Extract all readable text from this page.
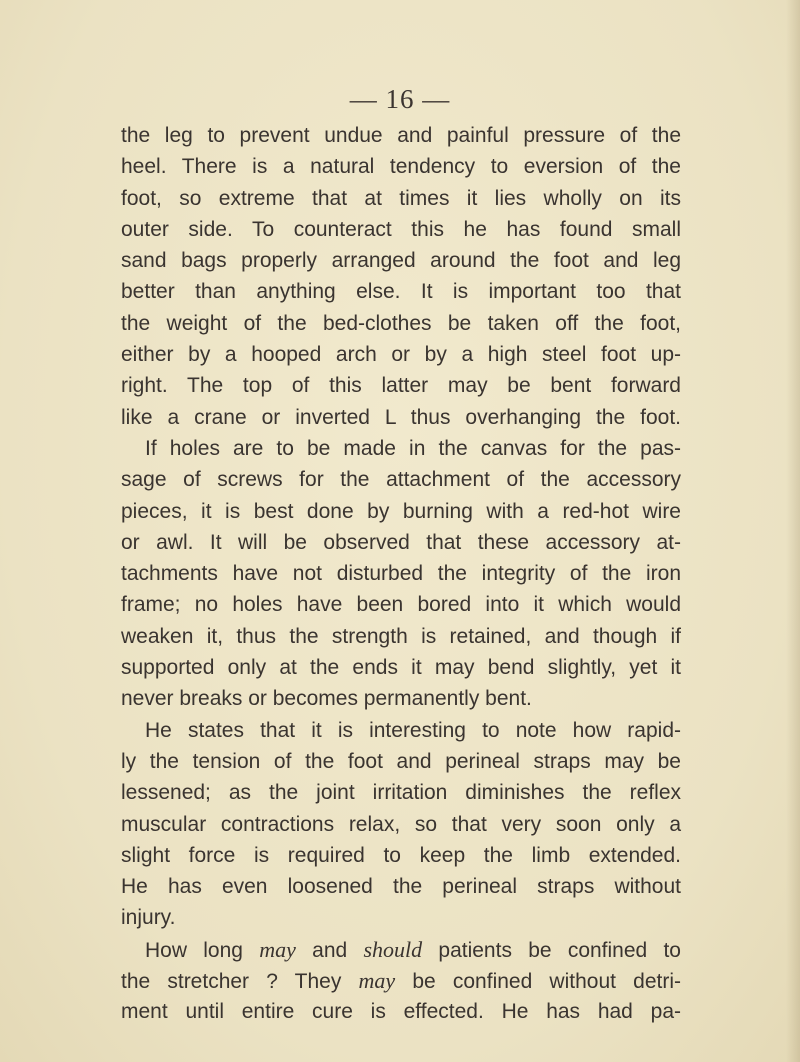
— 16 —
the leg to prevent undue and painful pressure of the
heel. There is a natural tendency to eversion of the
foot, so extreme that at times it lies wholly on its
outer side. To counteract this he has found small
sand bags properly arranged around the foot and leg
better than anything else. It is important too that
the weight of the bed-clothes be taken off the foot,
either by a hooped arch or by a high steel foot up-
right. The top of this latter may be bent forward
like a crane or inverted L thus overhanging the foot.
If holes are to be made in the canvas for the pas-
sage of screws for the attachment of the accessory
pieces, it is best done by burning with a red-hot wire
or awl. It will be observed that these accessory at-
tachments have not disturbed the integrity of the iron
frame; no holes have been bored into it which would
weaken it, thus the strength is retained, and though if
supported only at the ends it may bend slightly, yet it
never breaks or becomes permanently bent.
He states that it is interesting to note how rapid-
ly the tension of the foot and perineal straps may be
lessened; as the joint irritation diminishes the reflex
muscular contractions relax, so that very soon only a
slight force is required to keep the limb extended.
He has even loosened the perineal straps without
injury.
How long may and should patients be confined to
the stretcher ? They may be confined without detri-
ment until entire cure is effected. He has had pa-
